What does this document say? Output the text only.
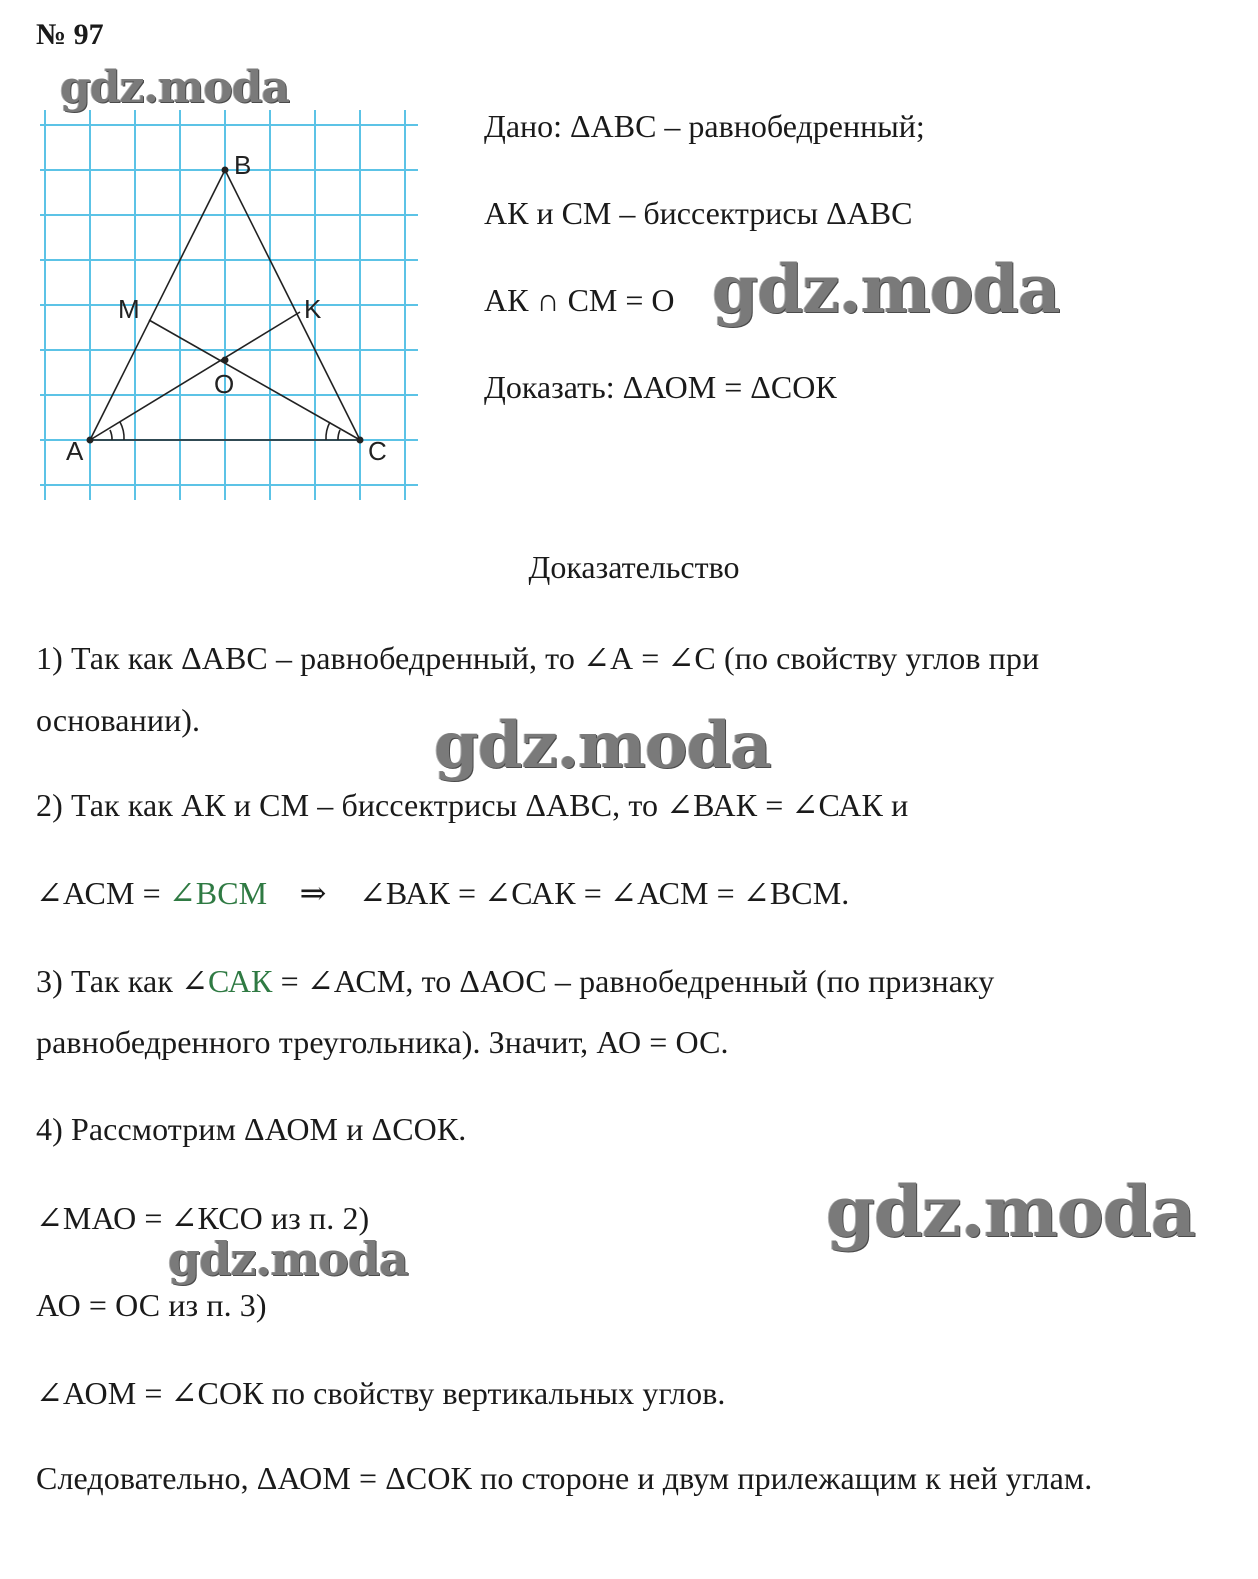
№ 97
B
M	K
O
A	C
gdz.moda
Дано: ΔАВС – равнобедренный;
АК и СМ – биссектрисы ΔАВС
АК ∩ СМ = O gdz.moda
Доказать: ΔАОМ = ΔСОК
Доказательство
1) Так как ΔАВС – равнобедренный, то ∠А = ∠С (по свойству углов при
основании).	gdz.moda
2) Так как АК и СМ – биссектрисы ΔАВС, то ∠ВАК = ∠САК и
∠АСМ = ∠ВСМ    ⇒    ∠ВАК = ∠САК = ∠АСМ = ∠ВСМ.
3) Так как ∠САК = ∠АСМ, то ΔАОС – равнобедренный (по признаку
равнобедренного треугольника). Значит, АО = ОС.
4) Рассмотрим ΔАОМ и ΔСОК.
∠МАО = ∠КСО из п. 2)	gdz.moda
gdz.moda
АО = ОС из п. 3)
∠АОМ = ∠СОК по свойству вертикальных углов.
Следовательно, ΔАОМ = ΔСОК по стороне и двум прилежащим к ней углам.
